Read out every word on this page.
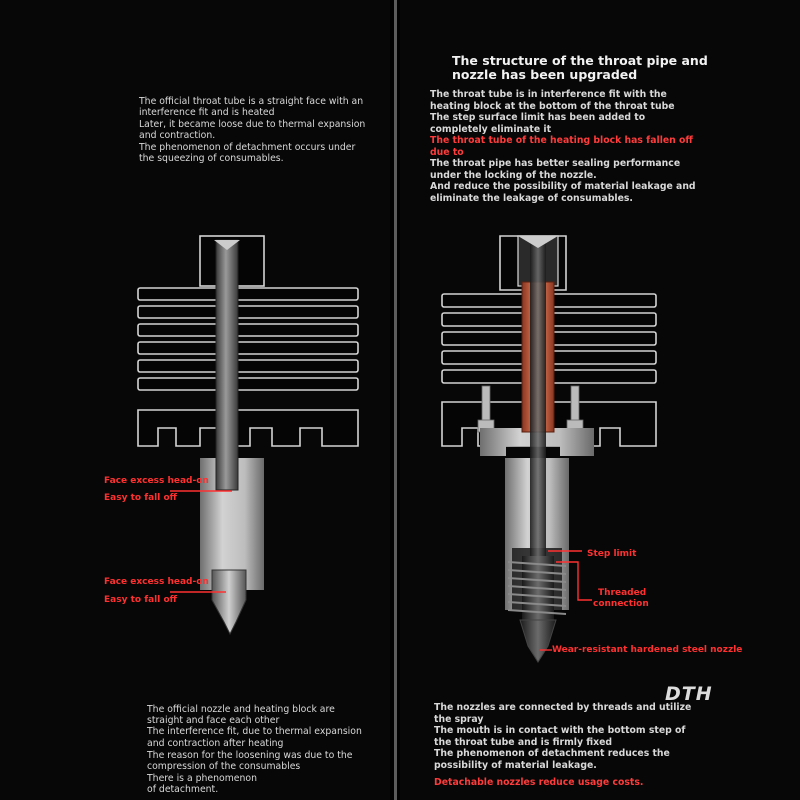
The official throat tube is a straight face with an
interference fit and is heated
Later, it became loose due to thermal expansion
and contraction.
The phenomenon of detachment occurs under
the squeezing of consumables.
Face excess head-on
Easy to fall off
Face excess head-on
Easy to fall off
The official nozzle and heating block are
straight and face each other
The interference fit, due to thermal expansion
and contraction after heating
The reason for the loosening was due to the
compression of the consumables
There is a phenomenon
of detachment.
The structure of the throat pipe and
nozzle has been upgraded
The throat tube is in interference fit with the
heating block at the bottom of the throat tube
The step surface limit has been added to
completely eliminate it
The throat tube of the heating block has fallen off
due to
The throat pipe has better sealing performance
under the locking of the nozzle.
And reduce the possibility of material leakage and
eliminate the leakage of consumables.
Step limit
Threaded
connection
Wear-resistant hardened steel nozzle
The nozzles are connected by threads and utilize
the spray
The mouth is in contact with the bottom step of
the throat tube and is firmly fixed
The phenomenon of detachment reduces the
possibility of material leakage.
Detachable nozzles reduce usage costs.
DTH
